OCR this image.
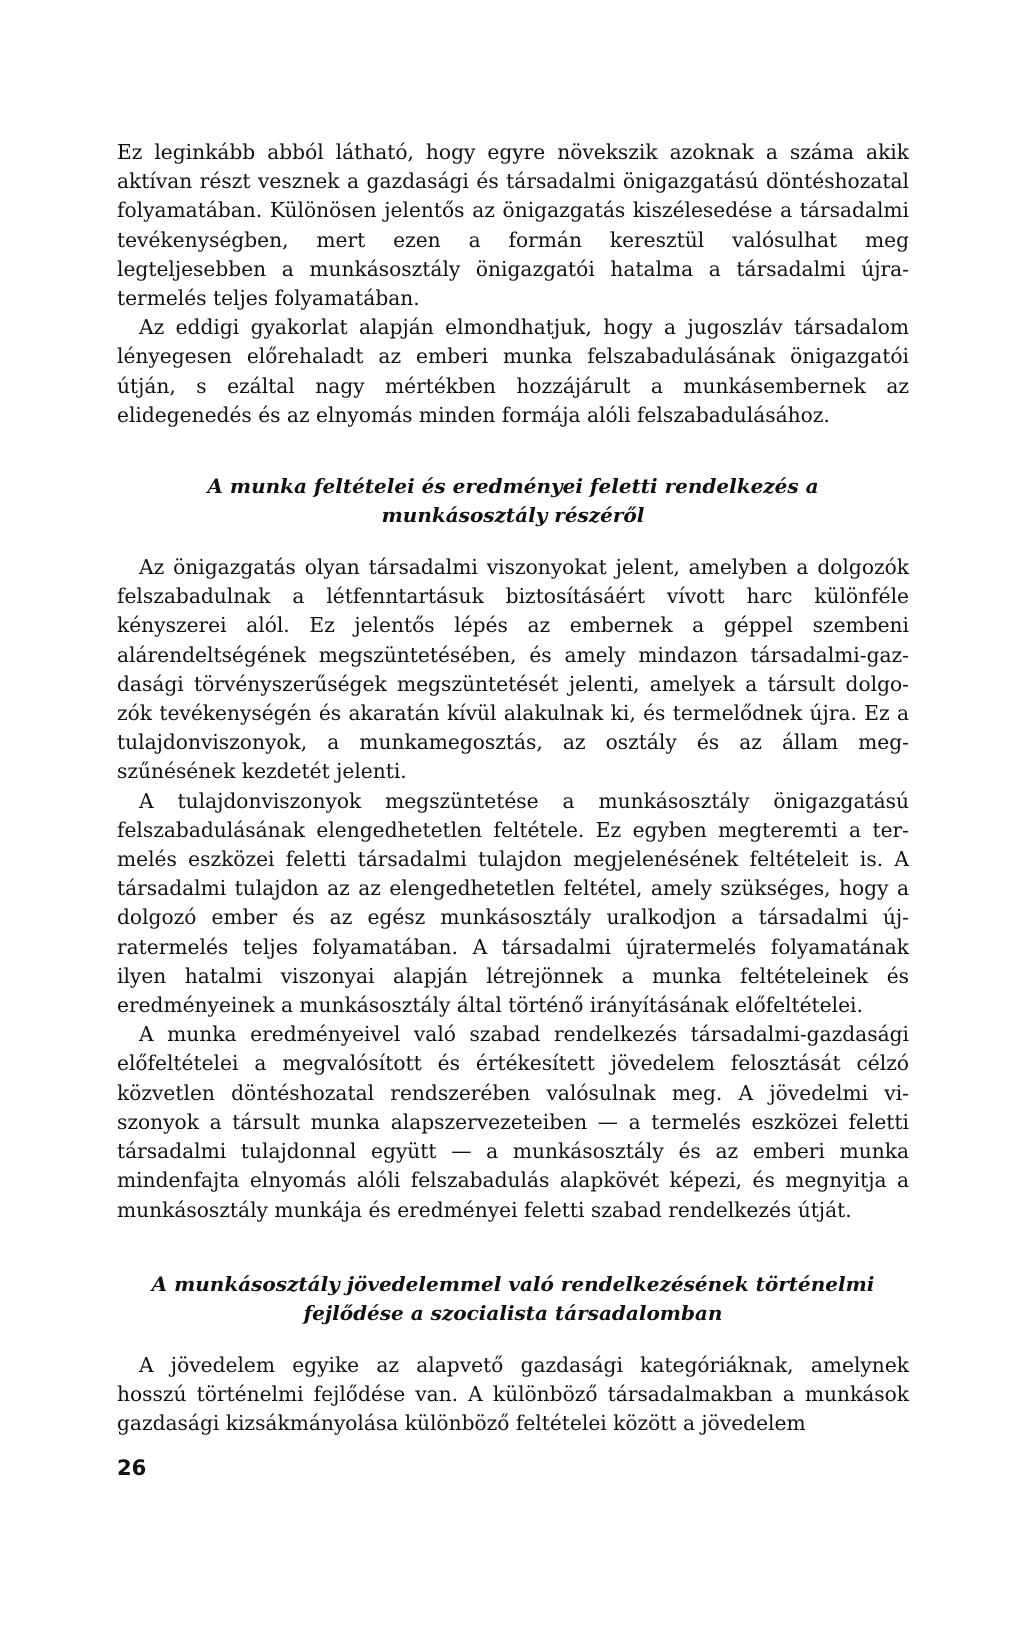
Ez leginkább abból látható, hogy egyre növekszik azoknak a száma akik aktívan részt vesznek a gazdasági és társadalmi önigazgatású döntéshozatal folyamatában. Különösen jelentős az önigazgatás kiszélesedése a társadalmi tevékenységben, mert ezen a formán keresztül valósulhat meg legteljesebben a munkásosztály önigazgatói hatalma a társadalmi újratermelés teljes folyamatában.

Az eddigi gyakorlat alapján elmondhatjuk, hogy a jugoszláv társadalom lényegesen előrehaladt az emberi munka felszabadulásának önigazgatói útján, s ezáltal nagy mértékben hozzájárult a munkásembernek az elidegenedés és az elnyomás minden formája alóli felszabadulásához.

A munka feltételei és eredményei feletti rendelkezés a munkásosztály részéről

Az önigazgatás olyan társadalmi viszonyokat jelent, amelyben a dolgozók felszabadulnak a létfenntartásuk biztosításáért vívott harc különféle kényszerei alól. Ez jelentős lépés az embernek a géppel szembeni alárendeltségének megszüntetésében, és amely mindazon társadalmi-gazdasági törvényszerűségek megszüntetését jelenti, amelyek a társult dolgozók tevékenységén és akaratán kívül alakulnak ki, és termelődnek újra. Ez a tulajdonviszonyok, a munkamegosztás, az osztály és az állam megszűnésének kezdetét jelenti.

A tulajdonviszonyok megszüntetése a munkásosztály önigazgatású felszabadulásának elengedhetetlen feltétele. Ez egyben megteremti a termelés eszközei feletti társadalmi tulajdon megjelenésének feltételeit is. A társadalmi tulajdon az az elengedhetetlen feltétel, amely szükséges, hogy a dolgozó ember és az egész munkásosztály uralkodjon a társadalmi újratermelés teljes folyamatában. A társadalmi újratermelés folyamatának ilyen hatalmi viszonyai alapján létrejönnek a munka feltételeinek és eredményeinek a munkásosztály által történő irányításának előfeltételei.

A munka eredményeivel való szabad rendelkezés társadalmi-gazdasági előfeltételei a megvalósított és értékesített jövedelem felosztását célzó közvetlen döntéshozatal rendszerében valósulnak meg. A jövedelmi viszonyok a társult munka alapszervezeteiben — a termelés eszközei feletti társadalmi tulajdonnal együtt — a munkásosztály és az emberi munka mindenfajta elnyomás alóli felszabadulás alapkövét képezi, és megnyitja a munkásosztály munkája és eredményei feletti szabad rendelkezés útját.

A munkásosztály jövedelemmel való rendelkezésének történelmi fejlődése a szocialista társadalomban

A jövedelem egyike az alapvető gazdasági kategóriáknak, amelynek hosszú történelmi fejlődése van. A különböző társadalmakban a munkások gazdasági kizsákmányolása különböző feltételei között a jövedelem

26
